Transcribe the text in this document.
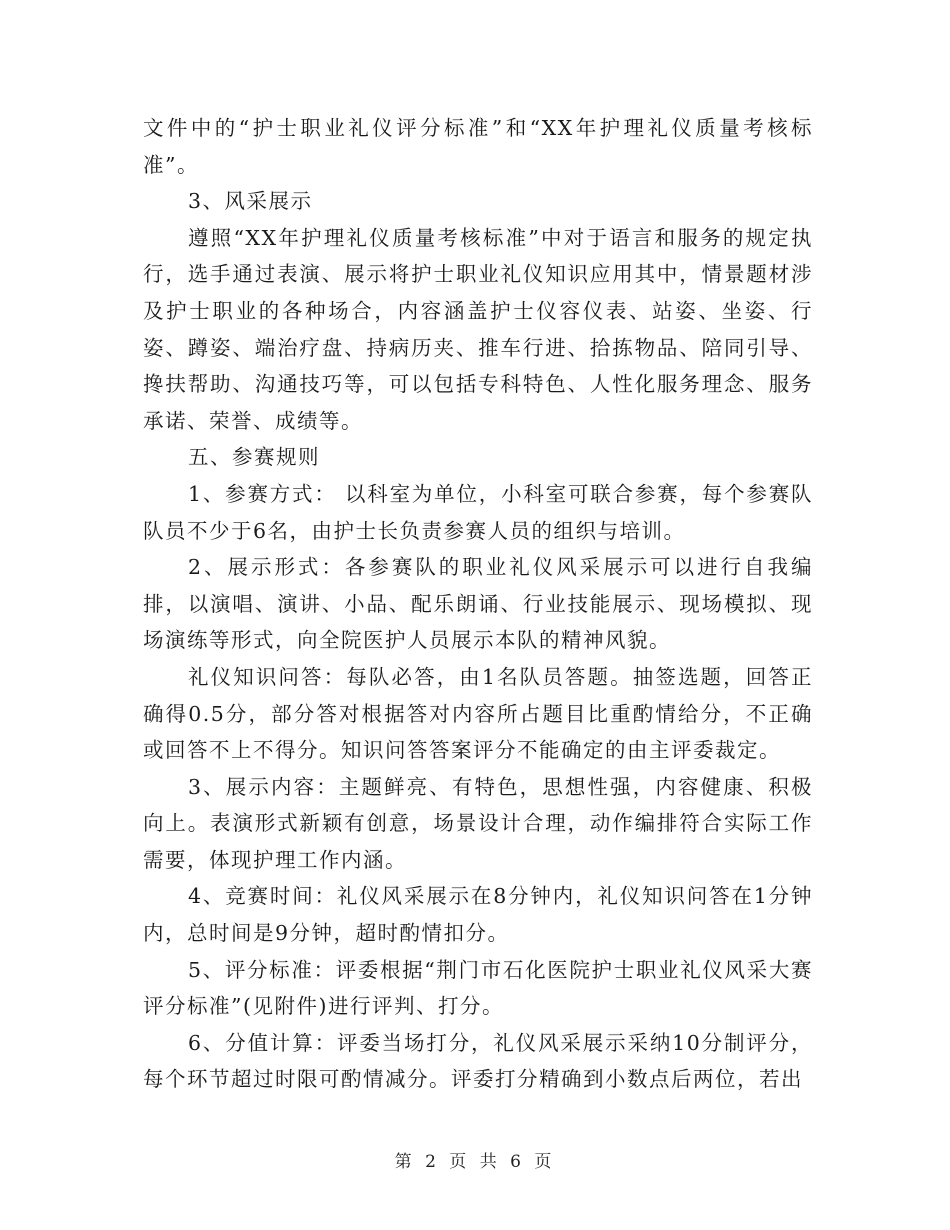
文件中的“护士职业礼仪评分标准”和“XX年护理礼仪质量考核标准”。

3、风采展示

遵照“XX年护理礼仪质量考核标准”中对于语言和服务的规定执行，选手通过表演、展示将护士职业礼仪知识应用其中，情景题材涉及护士职业的各种场合，内容涵盖护士仪容仪表、站姿、坐姿、行姿、蹲姿、端治疗盘、持病历夹、推车行进、拾拣物品、陪同引导、搀扶帮助、沟通技巧等，可以包括专科特色、人性化服务理念、服务承诺、荣誉、成绩等。

五、参赛规则

1、参赛方式： 以科室为单位，小科室可联合参赛，每个参赛队队员不少于6名，由护士长负责参赛人员的组织与培训。

2、展示形式：各参赛队的职业礼仪风采展示可以进行自我编排，以演唱、演讲、小品、配乐朗诵、行业技能展示、现场模拟、现场演练等形式，向全院医护人员展示本队的精神风貌。

礼仪知识问答：每队必答，由1名队员答题。抽签选题，回答正确得0.5分，部分答对根据答对内容所占题目比重酌情给分，不正确或回答不上不得分。知识问答答案评分不能确定的由主评委裁定。

3、展示内容：主题鲜亮、有特色，思想性强，内容健康、积极向上。表演形式新颖有创意，场景设计合理，动作编排符合实际工作需要，体现护理工作内涵。

4、竞赛时间：礼仪风采展示在8分钟内，礼仪知识问答在1分钟内，总时间是9分钟，超时酌情扣分。

5、评分标准：评委根据“荆门市石化医院护士职业礼仪风采大赛评分标准”(见附件)进行评判、打分。

6、分值计算：评委当场打分，礼仪风采展示采纳10分制评分，每个环节超过时限可酌情减分。评委打分精确到小数点后两位，若出

第 2 页 共 6 页
